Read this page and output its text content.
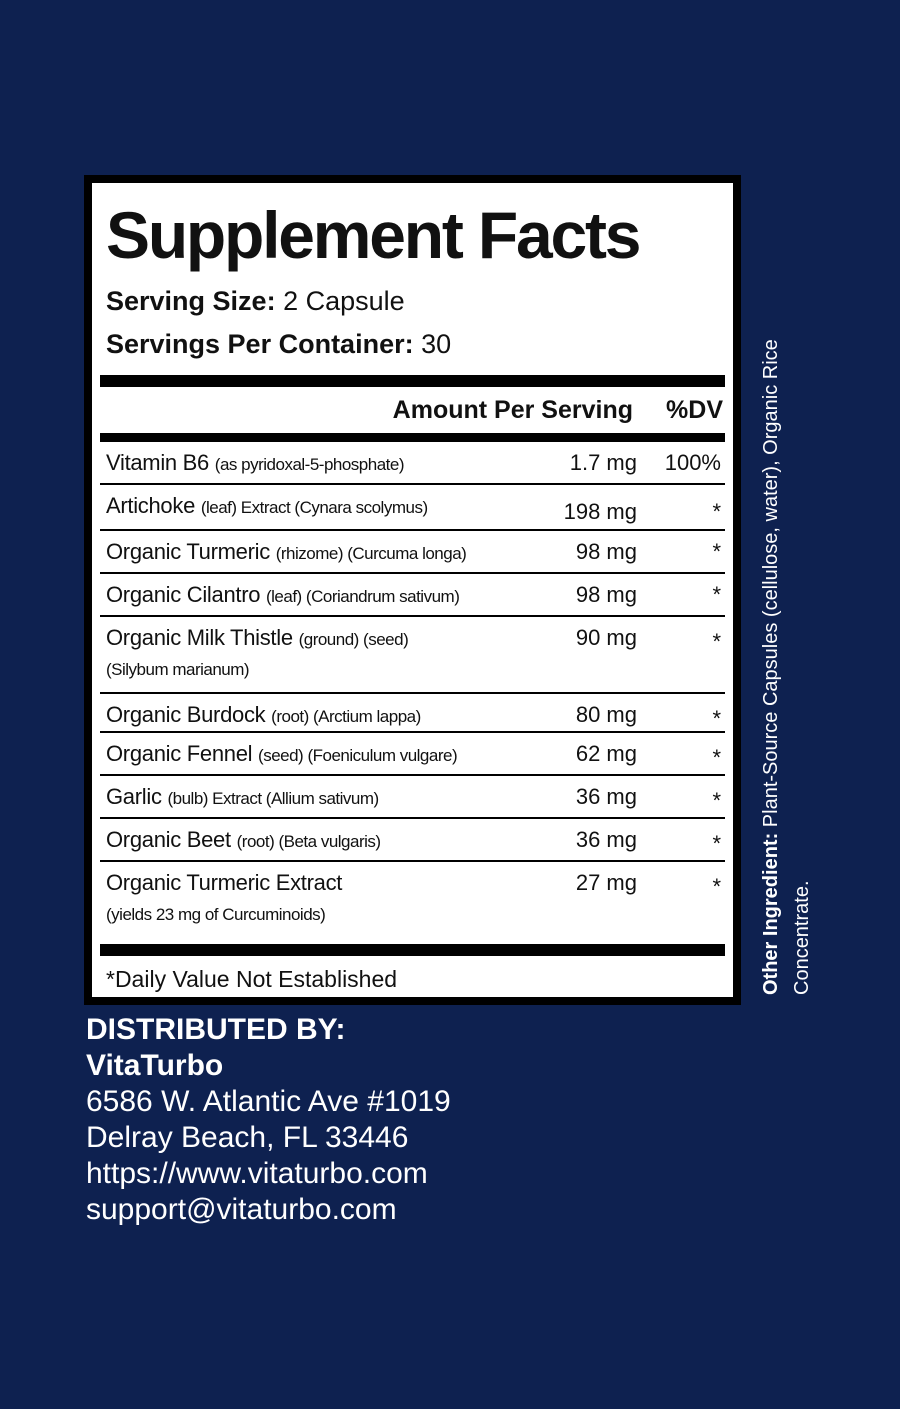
Supplement Facts
Serving Size: 2 Capsule
Servings Per Container: 30
Amount Per Serving %DV
Vitamin B6 (as pyridoxal-5-phosphate)	1.7 mg 100%
Artichoke (leaf) Extract (Cynara scolymus)	198 mg	*
Organic Turmeric (rhizome) (Curcuma longa)	98 mg	*
Organic Cilantro (leaf) (Coriandrum sativum)	98 mg	*
Organic Milk Thistle (ground) (seed)
(Silybum marianum)
90 mg	*
Organic Burdock (root) (Arctium lappa)	80 mg	*
Organic Fennel (seed) (Foeniculum vulgare)	62 mg	*
Garlic (bulb) Extract (Allium sativum)	36 mg	*
Organic Beet (root) (Beta vulgaris)	36 mg	*
Organic Turmeric Extract
(yields 23 mg of Curcuminoids)
27 mg	*
*Daily Value Not Established	Other Ingredient: Plant-Source Capsules (cellulose, water), Organic Rice Concentrate.
DISTRIBUTED BY:
VitaTurbo
6586 W. Atlantic Ave #1019
Delray Beach, FL 33446
https://www.vitaturbo.com
support@vitaturbo.com
